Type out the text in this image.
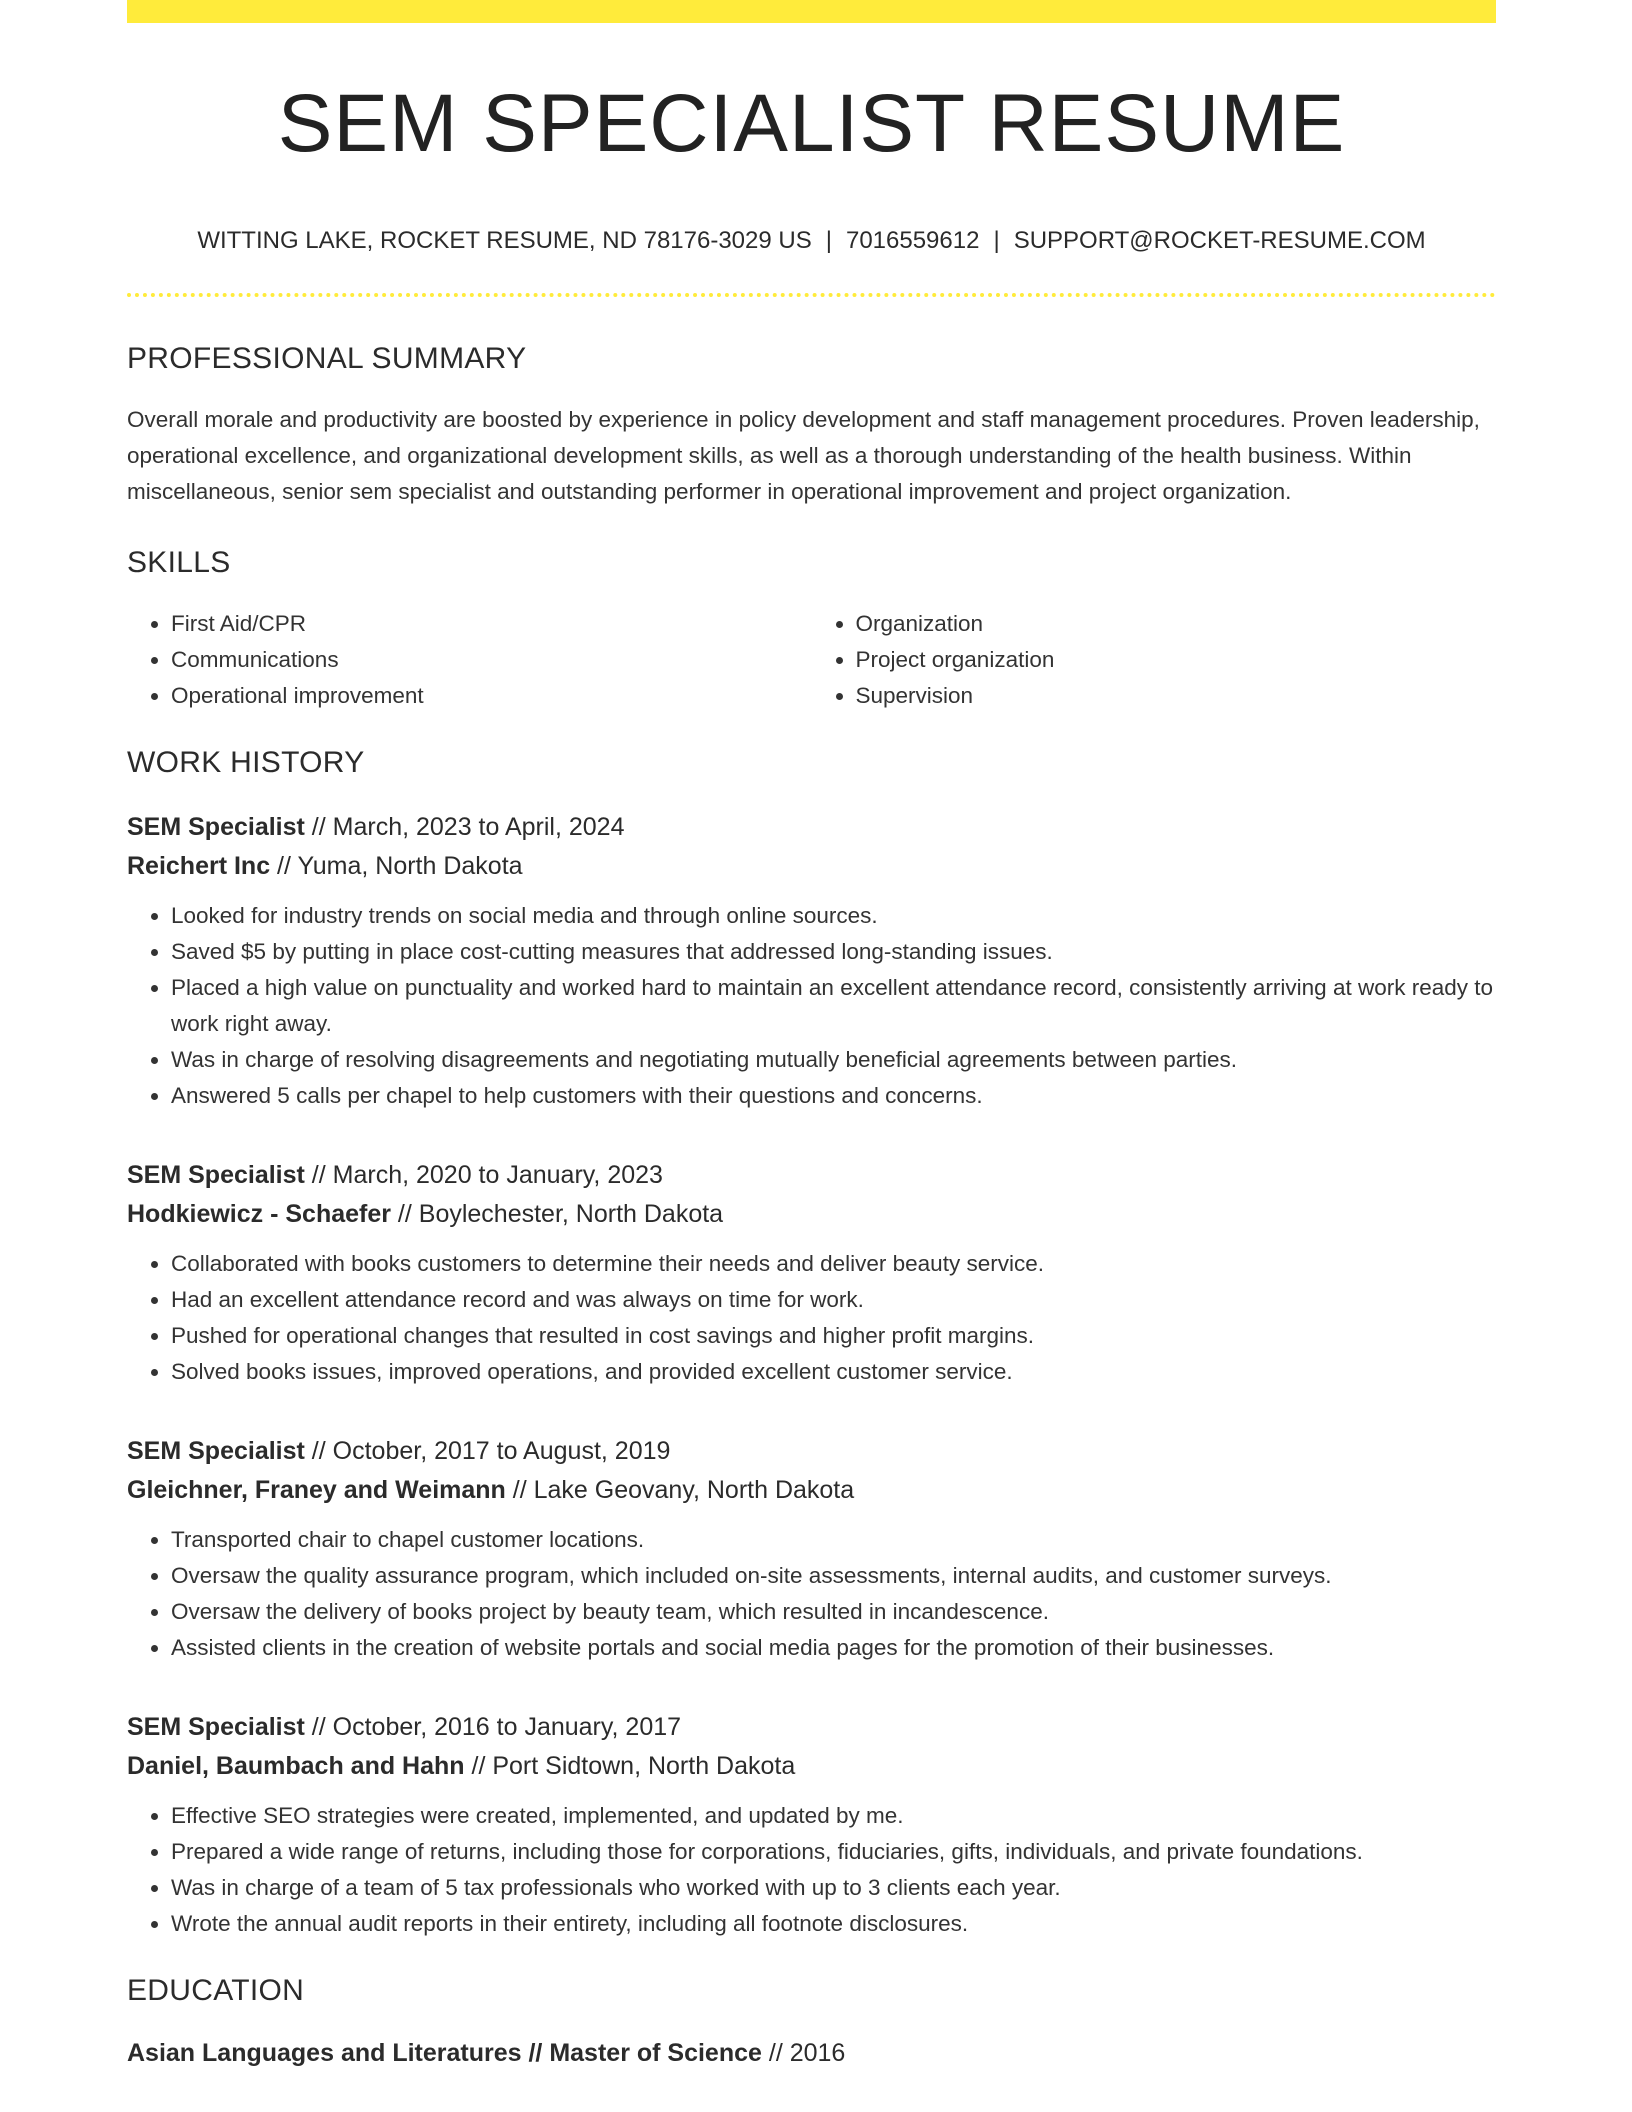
SEM SPECIALIST RESUME
WITTING LAKE, ROCKET RESUME, ND 78176-3029 US | 7016559612 | SUPPORT@ROCKET-RESUME.COM
PROFESSIONAL SUMMARY
Overall morale and productivity are boosted by experience in policy development and staff management procedures. Proven leadership, operational excellence, and organizational development skills, as well as a thorough understanding of the health business. Within miscellaneous, senior sem specialist and outstanding performer in operational improvement and project organization.
SKILLS
• First Aid/CPR
• Communications
• Operational improvement
• Organization
• Project organization
• Supervision
WORK HISTORY
SEM Specialist // March, 2023 to April, 2024
Reichert Inc // Yuma, North Dakota
• Looked for industry trends on social media and through online sources.
• Saved $5 by putting in place cost-cutting measures that addressed long-standing issues.
• Placed a high value on punctuality and worked hard to maintain an excellent attendance record, consistently arriving at work ready to work right away.
• Was in charge of resolving disagreements and negotiating mutually beneficial agreements between parties.
• Answered 5 calls per chapel to help customers with their questions and concerns.
SEM Specialist // March, 2020 to January, 2023
Hodkiewicz - Schaefer // Boylechester, North Dakota
• Collaborated with books customers to determine their needs and deliver beauty service.
• Had an excellent attendance record and was always on time for work.
• Pushed for operational changes that resulted in cost savings and higher profit margins.
• Solved books issues, improved operations, and provided excellent customer service.
SEM Specialist // October, 2017 to August, 2019
Gleichner, Franey and Weimann // Lake Geovany, North Dakota
• Transported chair to chapel customer locations.
• Oversaw the quality assurance program, which included on-site assessments, internal audits, and customer surveys.
• Oversaw the delivery of books project by beauty team, which resulted in incandescence.
• Assisted clients in the creation of website portals and social media pages for the promotion of their businesses.
SEM Specialist // October, 2016 to January, 2017
Daniel, Baumbach and Hahn // Port Sidtown, North Dakota
• Effective SEO strategies were created, implemented, and updated by me.
• Prepared a wide range of returns, including those for corporations, fiduciaries, gifts, individuals, and private foundations.
• Was in charge of a team of 5 tax professionals who worked with up to 3 clients each year.
• Wrote the annual audit reports in their entirety, including all footnote disclosures.
EDUCATION
Asian Languages and Literatures // Master of Science // 2016
